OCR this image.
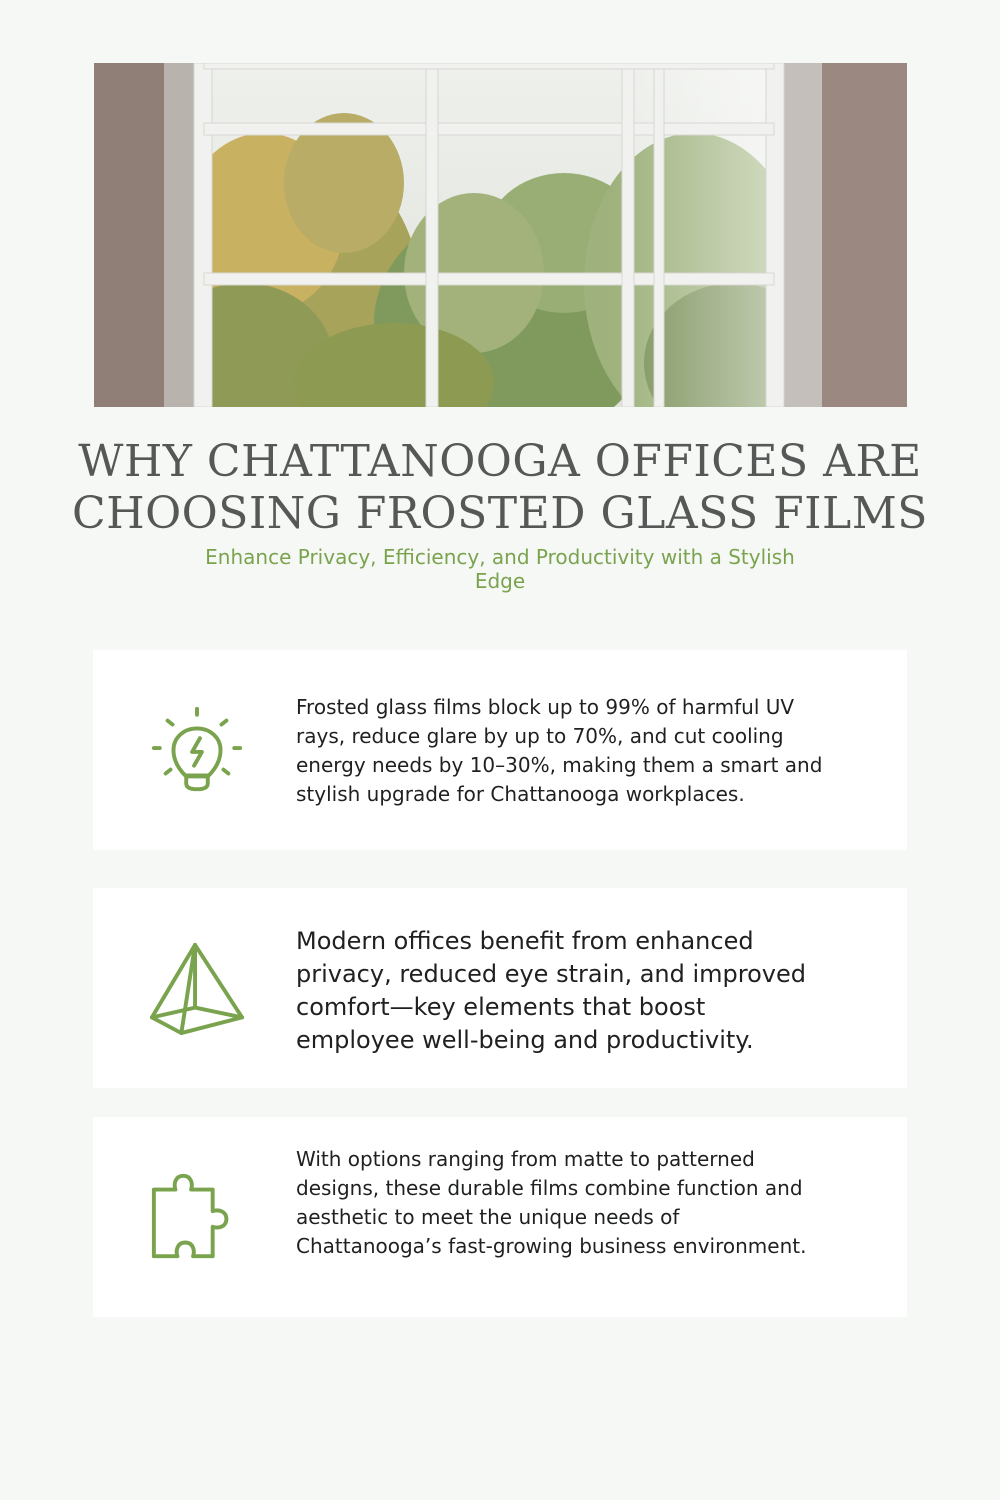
WHY CHATTANOOGA OFFICES ARE CHOOSING FROSTED GLASS FILMS

Enhance Privacy, Efficiency, and Productivity with a Stylish Edge

Frosted glass films block up to 99% of harmful UV rays, reduce glare by up to 70%, and cut cooling energy needs by 10–30%, making them a smart and stylish upgrade for Chattanooga workplaces.

Modern offices benefit from enhanced privacy, reduced eye strain, and improved comfort—key elements that boost employee well-being and productivity.

With options ranging from matte to patterned designs, these durable films combine function and aesthetic to meet the unique needs of Chattanooga’s fast-growing business environment.
